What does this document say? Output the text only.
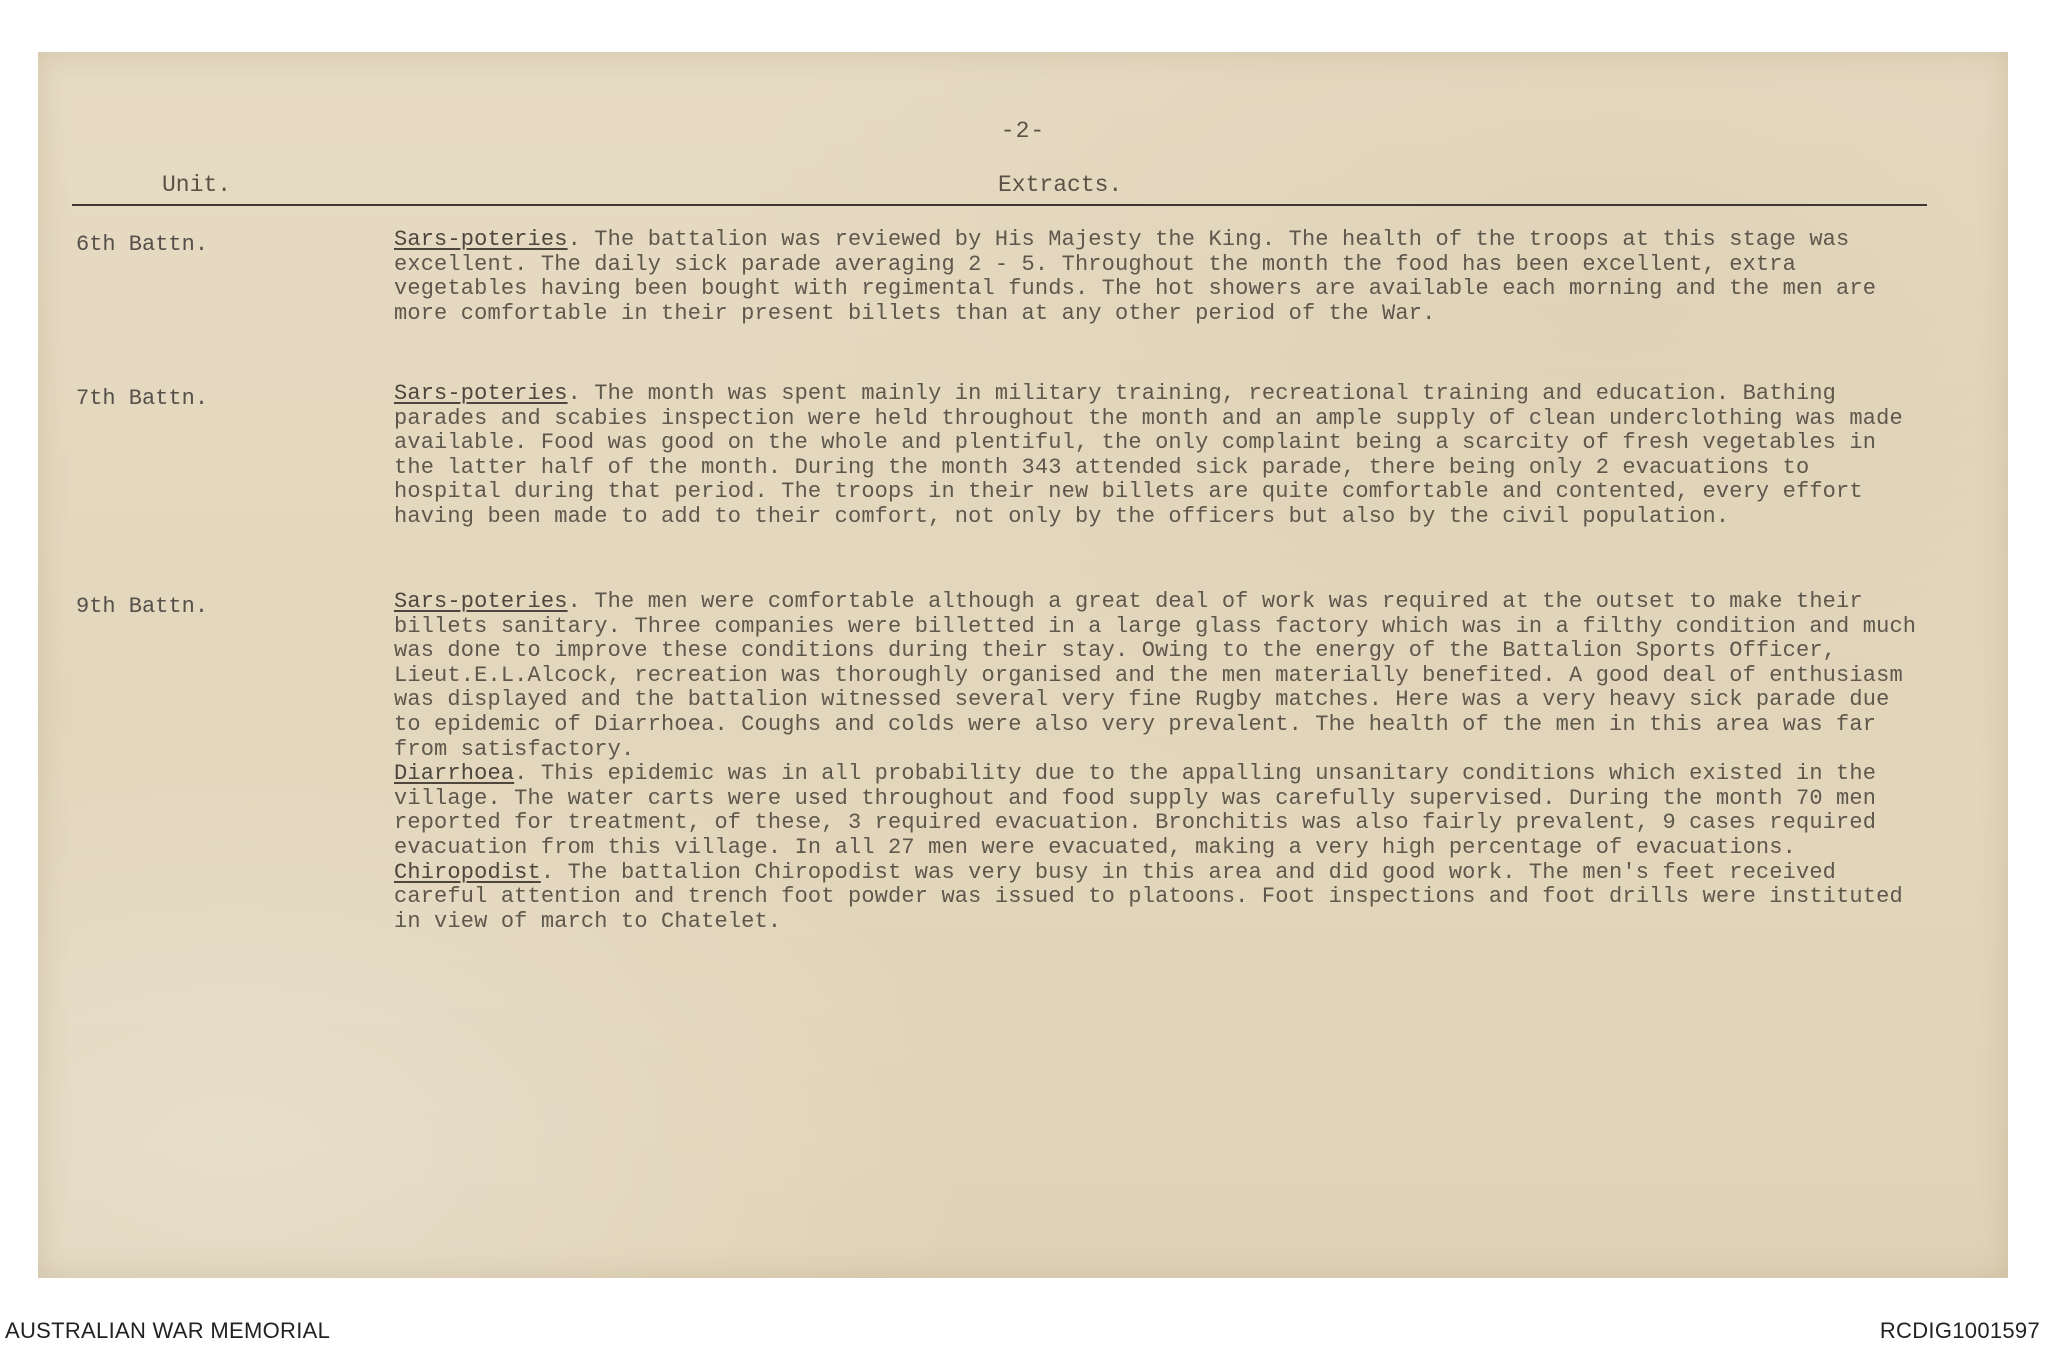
-2-
Unit.	Extracts.
6th Battn.	Sars-poteries. The battalion was reviewed by His Majesty the King. The health of the troops at this stage was excellent. The daily sick parade averaging 2 - 5. Throughout the month the food has been excellent, extra vegetables having been bought with regimental funds. The hot showers are available each morning and the men are more comfortable in their present billets than at any other period of the War.

7th Battn.	Sars-poteries. The month was spent mainly in military training, recreational training and education. Bathing parades and scabies inspection were held throughout the month and an ample supply of clean underclothing was made available. Food was good on the whole and plentiful, the only complaint being a scarcity of fresh vegetables in the latter half of the month. During the month 343 attended sick parade, there being only 2 evacuations to hospital during that period. The troops in their new billets are quite comfortable and contented, every effort having been made to add to their comfort, not only by the officers but also by the civil population.

9th Battn.	Sars-poteries. The men were comfortable although a great deal of work was required at the outset to make their billets sanitary. Three companies were billetted in a large glass factory which was in a filthy condition and much was done to improve these conditions during their stay. Owing to the energy of the Battalion Sports Officer, Lieut.E.L.Alcock, recreation was thoroughly organised and the men materially benefited. A good deal of enthusiasm was displayed and the battalion witnessed several very fine Rugby matches. Here was a very heavy sick parade due to epidemic of Diarrhoea. Coughs and colds were also very prevalent. The health of the men in this area was far from satisfactory.

Diarrhoea. This epidemic was in all probability due to the appalling unsanitary conditions which existed in the village. The water carts were used throughout and food supply was carefully supervised. During the month 70 men reported for treatment, of these, 3 required evacuation. Bronchitis was also fairly prevalent, 9 cases required evacuation from this village. In all 27 men were evacuated, making a very high percentage of evacuations.

Chiropodist. The battalion Chiropodist was very busy in this area and did good work. The men's feet received careful attention and trench foot powder was issued to platoons. Foot inspections and foot drills were instituted in view of march to Chatelet.

AUSTRALIAN WAR MEMORIAL	RCDIG1001597
